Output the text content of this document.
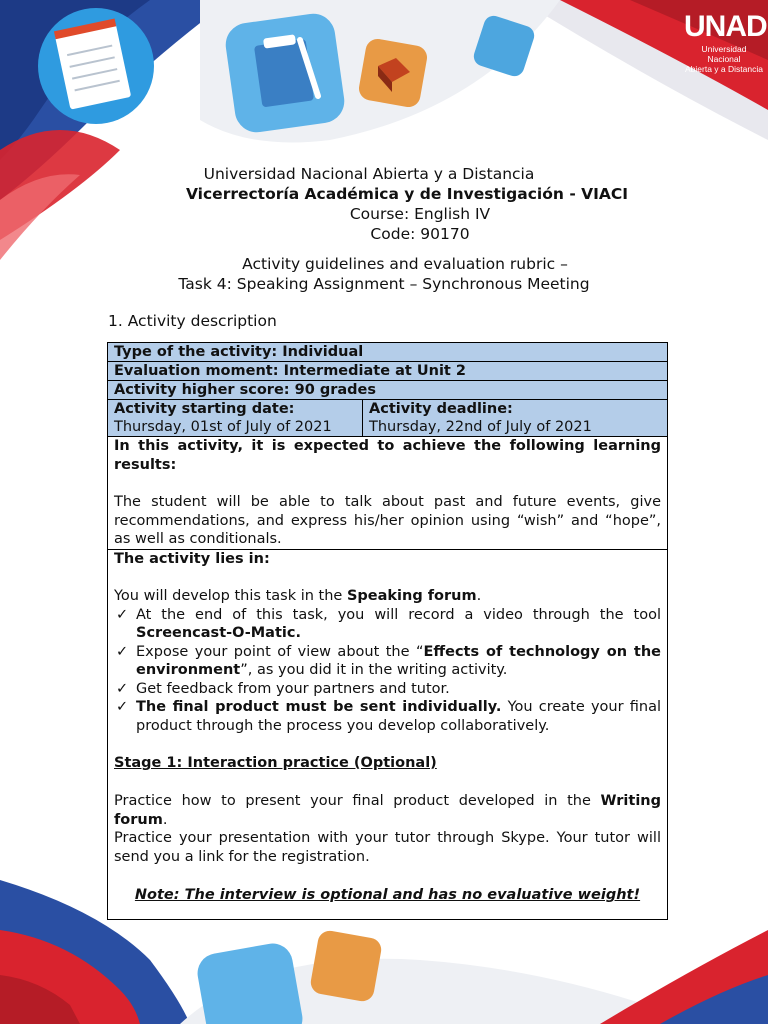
UNAD
Universidad Nacional
Abierta y a Distancia
Universidad Nacional Abierta y a Distancia
Vicerrectoría Académica y de Investigación - VIACI
Course: English IV
Code: 90170
Activity guidelines and evaluation rubric –
Task 4: Speaking Assignment – Synchronous Meeting
1. Activity description
Type of the activity: Individual
Evaluation moment: Intermediate at Unit 2
Activity higher score: 90 grades

Activity starting date:
Thursday, 01st of July of 2021

Activity deadline:
Thursday, 22nd of July of 2021

In this activity, it is expected to achieve the following learning results:

The student will be able to talk about past and future events, give recommendations, and express his/her opinion using “wish” and “hope”, as well as conditionals.

The activity lies in:

You will develop this task in the Speaking forum.

✓ At the end of this task, you will record a video through the tool Screencast-O-Matic.
✓ Expose your point of view about the “Effects of technology on the environment”, as you did it in the writing activity.
✓ Get feedback from your partners and tutor.
✓ The final product must be sent individually. You create your final product through the process you develop collaboratively.

Stage 1: Interaction practice (Optional)

Practice how to present your final product developed in the Writing forum.

Practice your presentation with your tutor through Skype. Your tutor will send you a link for the registration.

Note: The interview is optional and has no evaluative weight!
